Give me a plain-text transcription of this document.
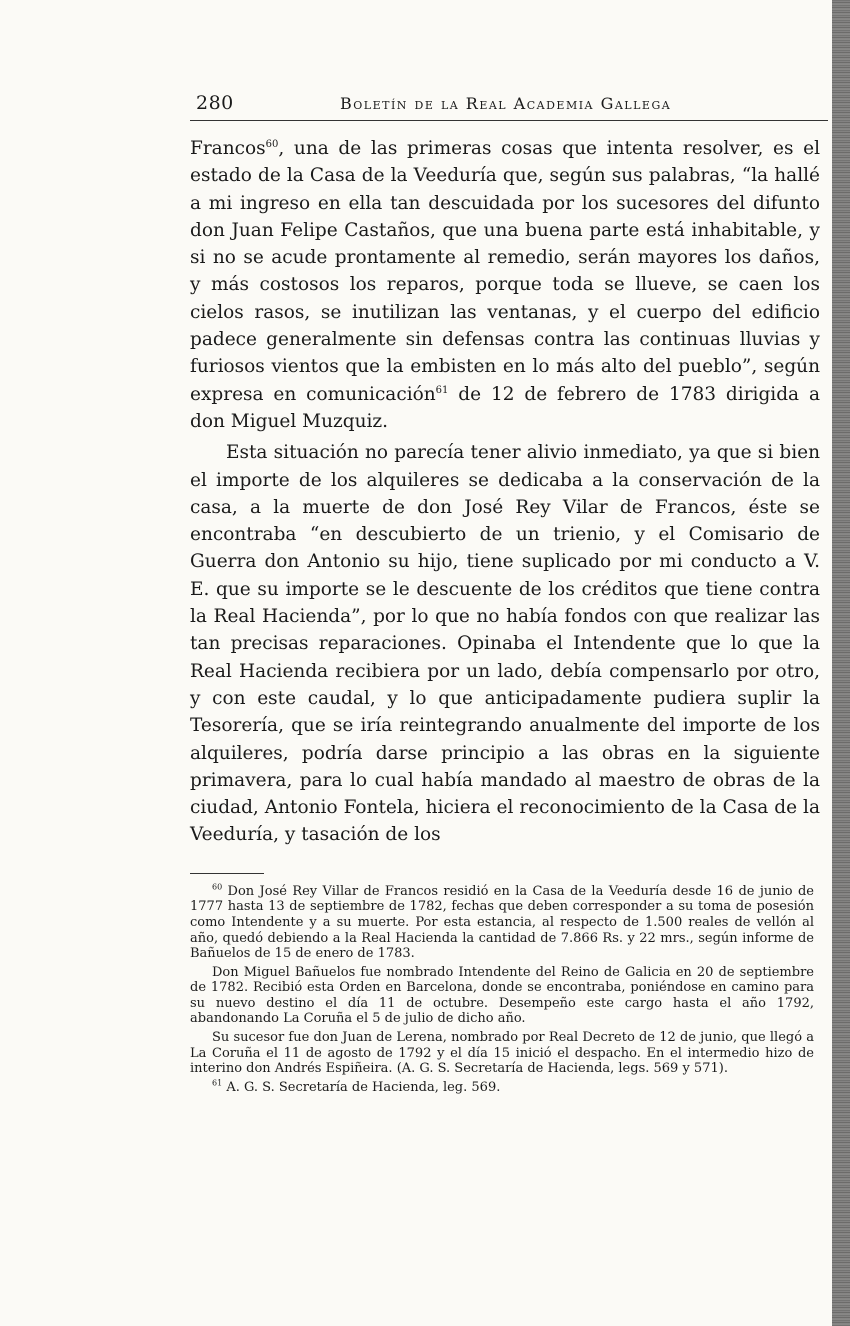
280	Boletín de la Real Academia Gallega

Francos$^{60}$, una de las primeras cosas que intenta resolver, es el estado de la Casa de la Veeduría que, según sus palabras, “la hallé a mi ingreso en ella tan descuidada por los sucesores del difunto don Juan Felipe Castaños, que una buena parte está inhabitable, y si no se acude prontamente al remedio, serán mayores los daños, y más costosos los reparos, porque toda se llueve, se caen los cielos rasos, se inutilizan las ventanas, y el cuerpo del edificio padece generalmente sin defensas contra las continuas lluvias y furiosos vientos que la embisten en lo más alto del pueblo”, según expresa en comunicación$^{61}$ de 12 de febrero de 1783 dirigida a don Miguel Muzquiz.

Esta situación no parecía tener alivio inmediato, ya que si bien el importe de los alquileres se dedicaba a la conservación de la casa, a la muerte de don José Rey Vilar de Francos, éste se encontraba “en descubierto de un trienio, y el Comisario de Guerra don Antonio su hijo, tiene suplicado por mi conducto a V. E. que su importe se le descuente de los créditos que tiene contra la Real Hacienda”, por lo que no había fondos con que realizar las tan precisas reparaciones. Opinaba el Intendente que lo que la Real Hacienda recibiera por un lado, debía compensarlo por otro, y con este caudal, y lo que anticipadamente pudiera suplir la Tesorería, que se iría reintegrando anualmente del importe de los alquileres, podría darse principio a las obras en la siguiente primavera, para lo cual había mandado al maestro de obras de la ciudad, Antonio Fontela, hiciera el reconocimiento de la Casa de la Veeduría, y tasación de los

$^{60}$ Don José Rey Villar de Francos residió en la Casa de la Veeduría desde 16 de junio de 1777 hasta 13 de septiembre de 1782, fechas que deben corresponder a su toma de posesión como Intendente y a su muerte. Por esta estancia, al respecto de 1.500 reales de vellón al año, quedó debiendo a la Real Hacienda la cantidad de 7.866 Rs. y 22 mrs., según informe de Bañuelos de 15 de enero de 1783.

Don Miguel Bañuelos fue nombrado Intendente del Reino de Galicia en 20 de septiembre de 1782. Recibió esta Orden en Barcelona, donde se encontraba, poniéndose en camino para su nuevo destino el día 11 de octubre. Desempeño este cargo hasta el año 1792, abandonando La Coruña el 5 de julio de dicho año.

Su sucesor fue don Juan de Lerena, nombrado por Real Decreto de 12 de junio, que llegó a La Coruña el 11 de agosto de 1792 y el día 15 inició el despacho. En el intermedio hizo de interino don Andrés Espiñeira. (A. G. S. Secretaría de Hacienda, legs. 569 y 571).

$^{61}$ A. G. S. Secretaría de Hacienda, leg. 569.
